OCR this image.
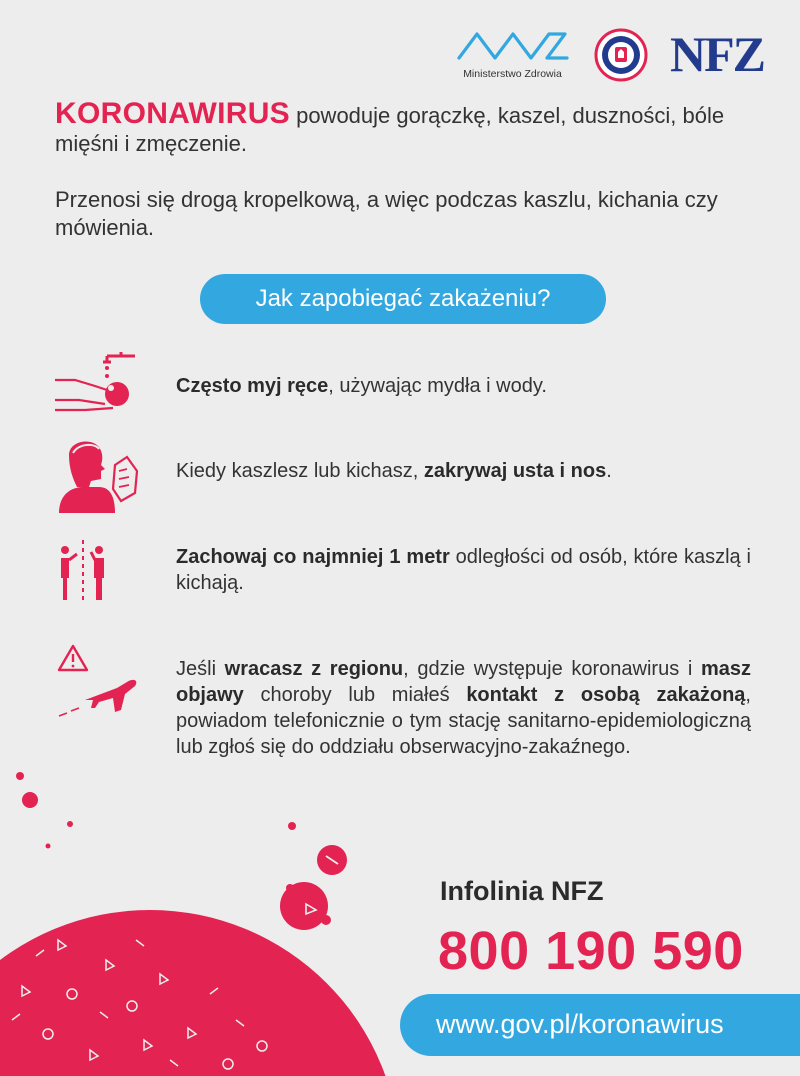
Ministerstwo Zdrowia NFZ

KORONAWIRUS powoduje gorączkę, kaszel, duszności, bóle mięśni i zmęczenie.

Przenosi się drogą kropelkową, a więc podczas kaszlu, kichania czy mówienia.

Jak zapobiegać zakażeniu?
Często myj ręce, używając mydła i wody.
Kiedy kaszlesz lub kichasz, zakrywaj usta i nos.
Zachowaj co najmniej 1 metr odległości od osób, które kaszlą i kichają.
Jeśli wracasz z regionu, gdzie występuje koronawirus i masz objawy choroby lub miałeś kontakt z osobą zakażoną, powiadom telefonicznie o tym stację sanitarno-epidemiologiczną lub zgłoś się do oddziału obserwacyjno-zakaźnego.
Infolinia NFZ
800 190 590
www.gov.pl/koronawirus
